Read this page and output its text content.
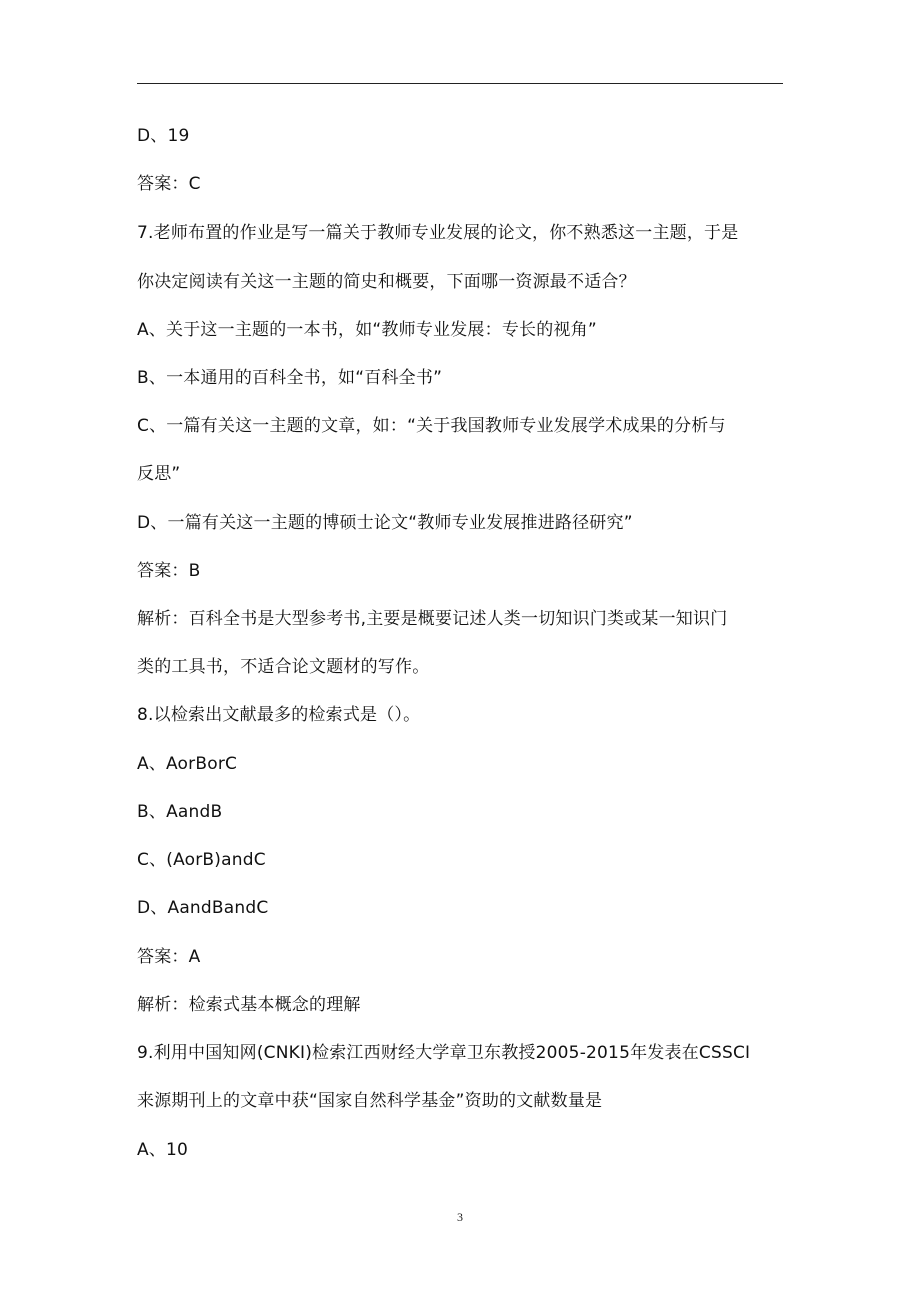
D、19
答案：C
7.老师布置的作业是写一篇关于教师专业发展的论文，你不熟悉这一主题，于是
你决定阅读有关这一主题的简史和概要，下面哪一资源最不适合？
A、关于这一主题的一本书，如“教师专业发展：专长的视角”
B、一本通用的百科全书，如“百科全书”
C、一篇有关这一主题的文章，如：“关于我国教师专业发展学术成果的分析与
反思”
D、一篇有关这一主题的博硕士论文“教师专业发展推进路径研究”
答案：B
解析：百科全书是大型参考书,主要是概要记述人类一切知识门类或某一知识门
类的工具书，不适合论文题材的写作。
8.以检索出文献最多的检索式是（）。
A、AorBorC
B、AandB
C、(AorB)andC
D、AandBandC
答案：A
解析：检索式基本概念的理解
9.利用中国知网(CNKI)检索江西财经大学章卫东教授2005-2015年发表在CSSCI
来源期刊上的文章中获“国家自然科学基金”资助的文献数量是
A、10
3
